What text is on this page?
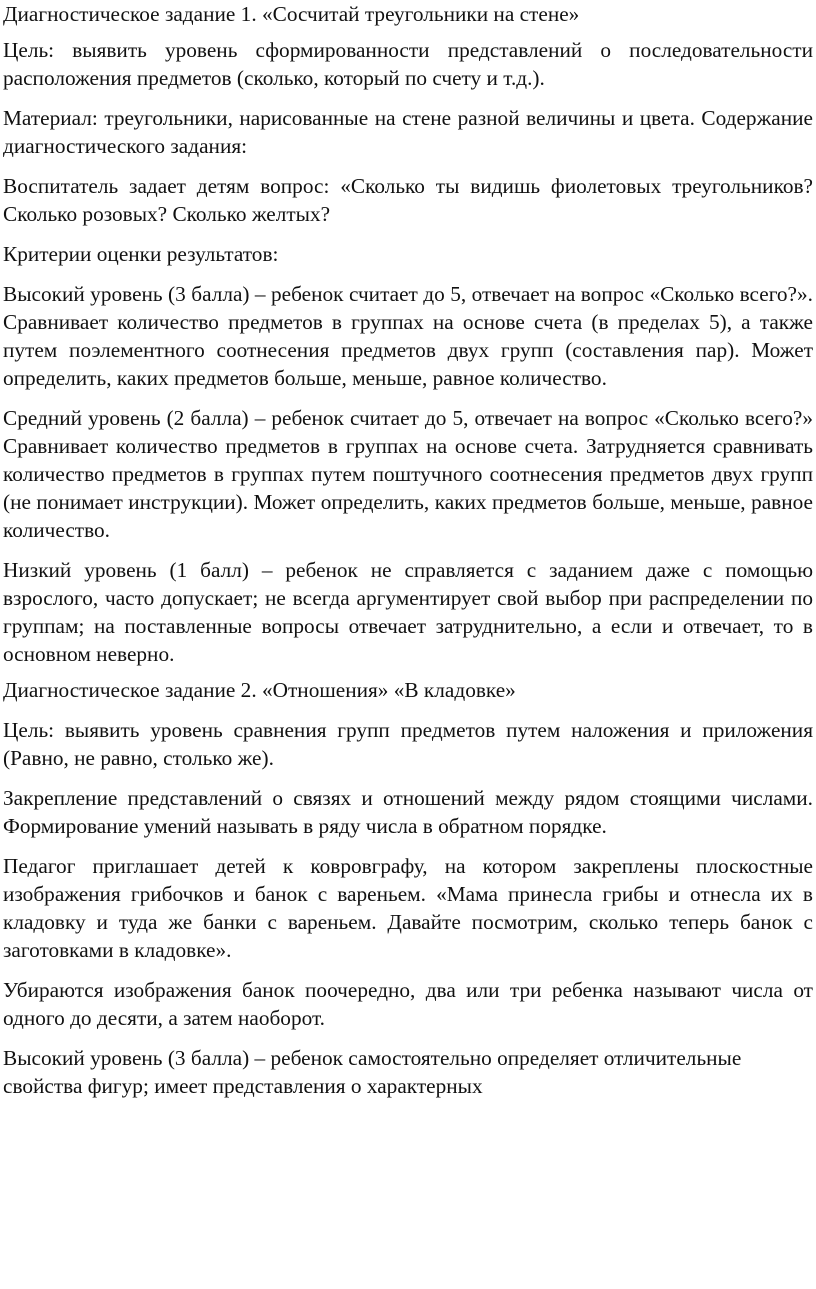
Диагностическое задание 1. «Сосчитай треугольники на стене»

Цель: выявить уровень сформированности представлений о последовательности расположения предметов (сколько, который по счету и т.д.).

Материал: треугольники, нарисованные на стене разной величины и цвета. Содержание диагностического задания:

Воспитатель задает детям вопрос: «Сколько ты видишь фиолетовых треугольников? Сколько розовых? Сколько желтых?

Критерии оценки результатов:

Высокий уровень (3 балла) – ребенок считает до 5, отвечает на вопрос «Сколько всего?». Сравнивает количество предметов в группах на основе счета (в пределах 5), а также путем поэлементного соотнесения предметов двух групп (составления пар). Может определить, каких предметов больше, меньше, равное количество.

Средний уровень (2 балла) – ребенок считает до 5, отвечает на вопрос «Сколько всего?» Сравнивает количество предметов в группах на основе счета. Затрудняется сравнивать количество предметов в группах путем поштучного соотнесения предметов двух групп (не понимает инструкции). Может определить, каких предметов больше, меньше, равное количество.

Низкий уровень (1 балл) – ребенок не справляется с заданием даже с помощью взрослого, часто допускает; не всегда аргументирует свой выбор при распределении по группам; на поставленные вопросы отвечает затруднительно, а если и отвечает, то в основном неверно.

Диагностическое задание 2. «Отношения» «В кладовке»

Цель: выявить уровень сравнения групп предметов путем наложения и приложения (Равно, не равно, столько же).

Закрепление представлений о связях и отношений между рядом стоящими числами. Формирование умений называть в ряду числа в обратном порядке.

Педагог приглашает детей к ковровграфу, на котором закреплены плоскостные изображения грибочков и банок с вареньем. «Мама принесла грибы и отнесла их в кладовку и туда же банки с вареньем. Давайте посмотрим, сколько теперь банок с заготовками в кладовке».

Убираются изображения банок поочередно, два или три ребенка называют числа от одного до десяти, а затем наоборот.

Высокий уровень (3 балла) – ребенок самостоятельно определяет отличительные свойства фигур; имеет представления о характерных
